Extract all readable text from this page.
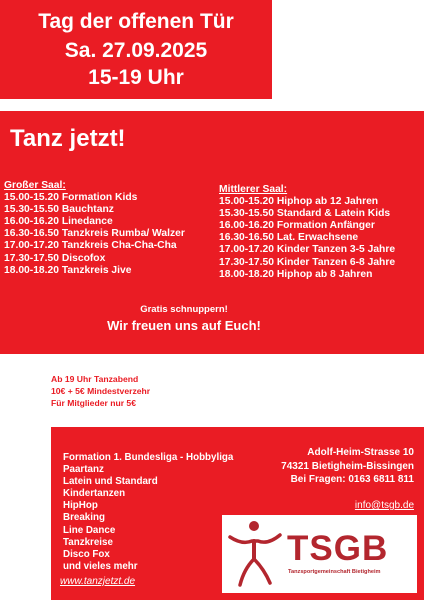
Tag der offenen Tür
Sa. 27.09.2025
15-19 Uhr
Tanz jetzt!
Großer Saal:
15.00-15.20 Formation Kids
15.30-15.50 Bauchtanz
16.00-16.20 Linedance
16.30-16.50 Tanzkreis Rumba/ Walzer
17.00-17.20 Tanzkreis Cha-Cha-Cha
17.30-17.50 Discofox
18.00-18.20 Tanzkreis Jive
Mittlerer Saal:
15.00-15.20 Hiphop ab 12 Jahren
15.30-15.50 Standard & Latein Kids
16.00-16.20 Formation Anfänger
16.30-16.50 Lat. Erwachsene
17.00-17.20 Kinder Tanzen 3-5 Jahre
17.30-17.50 Kinder Tanzen 6-8 Jahre
18.00-18.20 Hiphop ab 8 Jahren
Gratis schnuppern!
Wir freuen uns auf Euch!
Ab 19 Uhr Tanzabend
10€ + 5€ Mindestverzehr
Für Mitglieder nur 5€
Formation 1. Bundesliga - Hobbyliga
Paartanz
Latein und Standard
Kindertanzen
HipHop
Breaking
Line Dance
Tanzkreise
Disco Fox
und vieles mehr
www.tanzjetzt.de
Adolf-Heim-Strasse 10
74321 Bietigheim-Bissingen
Bei Fragen: 0163 6811 811
info@tsgb.de
TSGB
Tanzsportgemeinschaft Bietigheim
